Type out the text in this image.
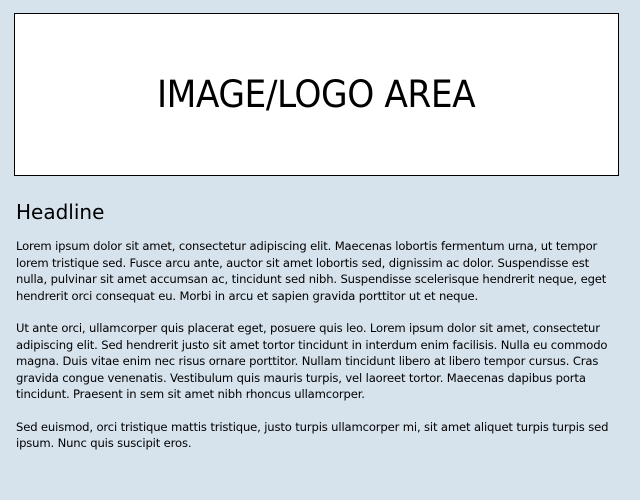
IMAGE/LOGO AREA
Headline

Lorem ipsum dolor sit amet, consectetur adipiscing elit. Maecenas lobortis fermentum urna, ut tempor lorem tristique sed. Fusce arcu ante, auctor sit amet lobortis sed, dignissim ac dolor. Suspendisse est nulla, pulvinar sit amet accumsan ac, tincidunt sed nibh. Suspendisse scelerisque hendrerit neque, eget hendrerit orci consequat eu. Morbi in arcu et sapien gravida porttitor ut et neque.

Ut ante orci, ullamcorper quis placerat eget, posuere quis leo. Lorem ipsum dolor sit amet, consectetur adipiscing elit. Sed hendrerit justo sit amet tortor tincidunt in interdum enim facilisis. Nulla eu commodo magna. Duis vitae enim nec risus ornare porttitor. Nullam tincidunt libero at libero tempor cursus. Cras gravida congue venenatis. Vestibulum quis mauris turpis, vel laoreet tortor. Maecenas dapibus porta tincidunt. Praesent in sem sit amet nibh rhoncus ullamcorper.

Sed euismod, orci tristique mattis tristique, justo turpis ullamcorper mi, sit amet aliquet turpis turpis sed ipsum. Nunc quis suscipit eros.
